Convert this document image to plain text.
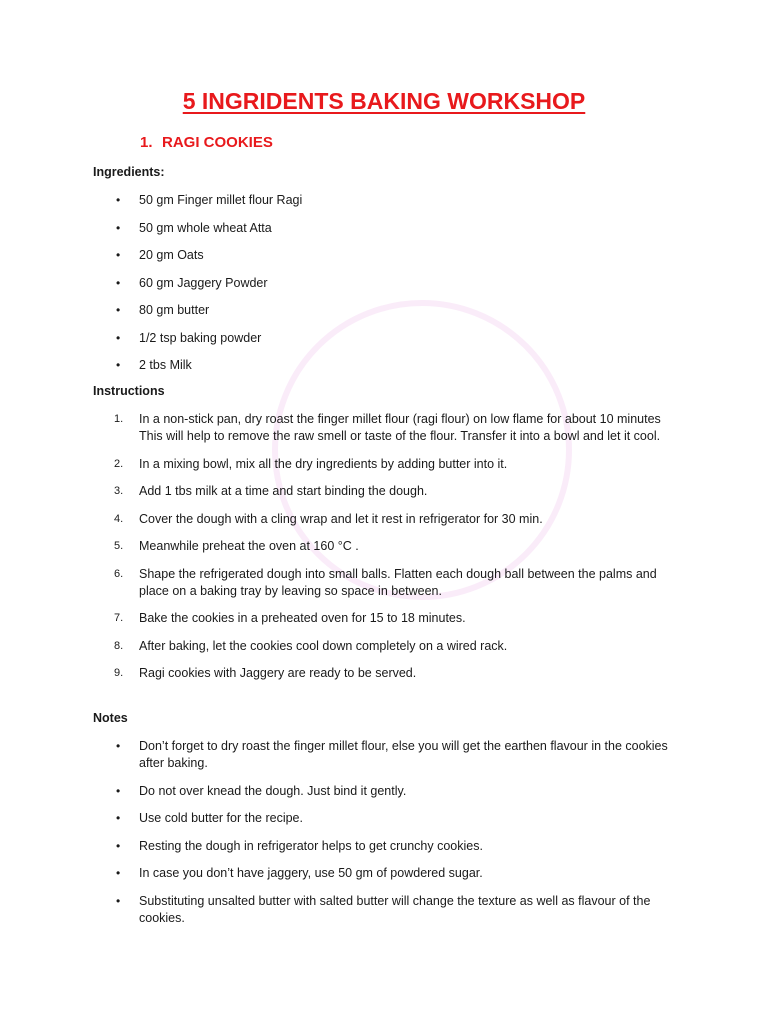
5 INGRIDENTS BAKING WORKSHOP
1. RAGI COOKIES
Ingredients:
•	50 gm Finger millet flour Ragi
•	50 gm whole wheat Atta
•	20 gm Oats
•	60 gm Jaggery Powder
•	80 gm butter
•	1/2 tsp baking powder
•	2 tbs Milk
Instructions
1.	In a non-stick pan, dry roast the finger millet flour (ragi flour) on low flame for about 10 minutes This will help to remove the raw smell or taste of the flour. Transfer it into a bowl and let it cool.
2.	In a mixing bowl, mix all the dry ingredients by adding butter into it.
3.	Add 1 tbs milk at a time and start binding the dough.
4.	Cover the dough with a cling wrap and let it rest in refrigerator for 30 min.
5.	Meanwhile preheat the oven at 160 °C .
6.	Shape the refrigerated dough into small balls. Flatten each dough ball between the palms and place on a baking tray by leaving so space in between.
7.	Bake the cookies in a preheated oven for 15 to 18 minutes.
8.	After baking, let the cookies cool down completely on a wired rack.
9.	Ragi cookies with Jaggery are ready to be served.
Notes
•	Don’t forget to dry roast the finger millet flour, else you will get the earthen flavour in the cookies after baking.
•	Do not over knead the dough. Just bind it gently.
•	Use cold butter for the recipe.
•	Resting the dough in refrigerator helps to get crunchy cookies.
•	In case you don’t have jaggery, use 50 gm of powdered sugar.
•	Substituting unsalted butter with salted butter will change the texture as well as flavour of the cookies.
